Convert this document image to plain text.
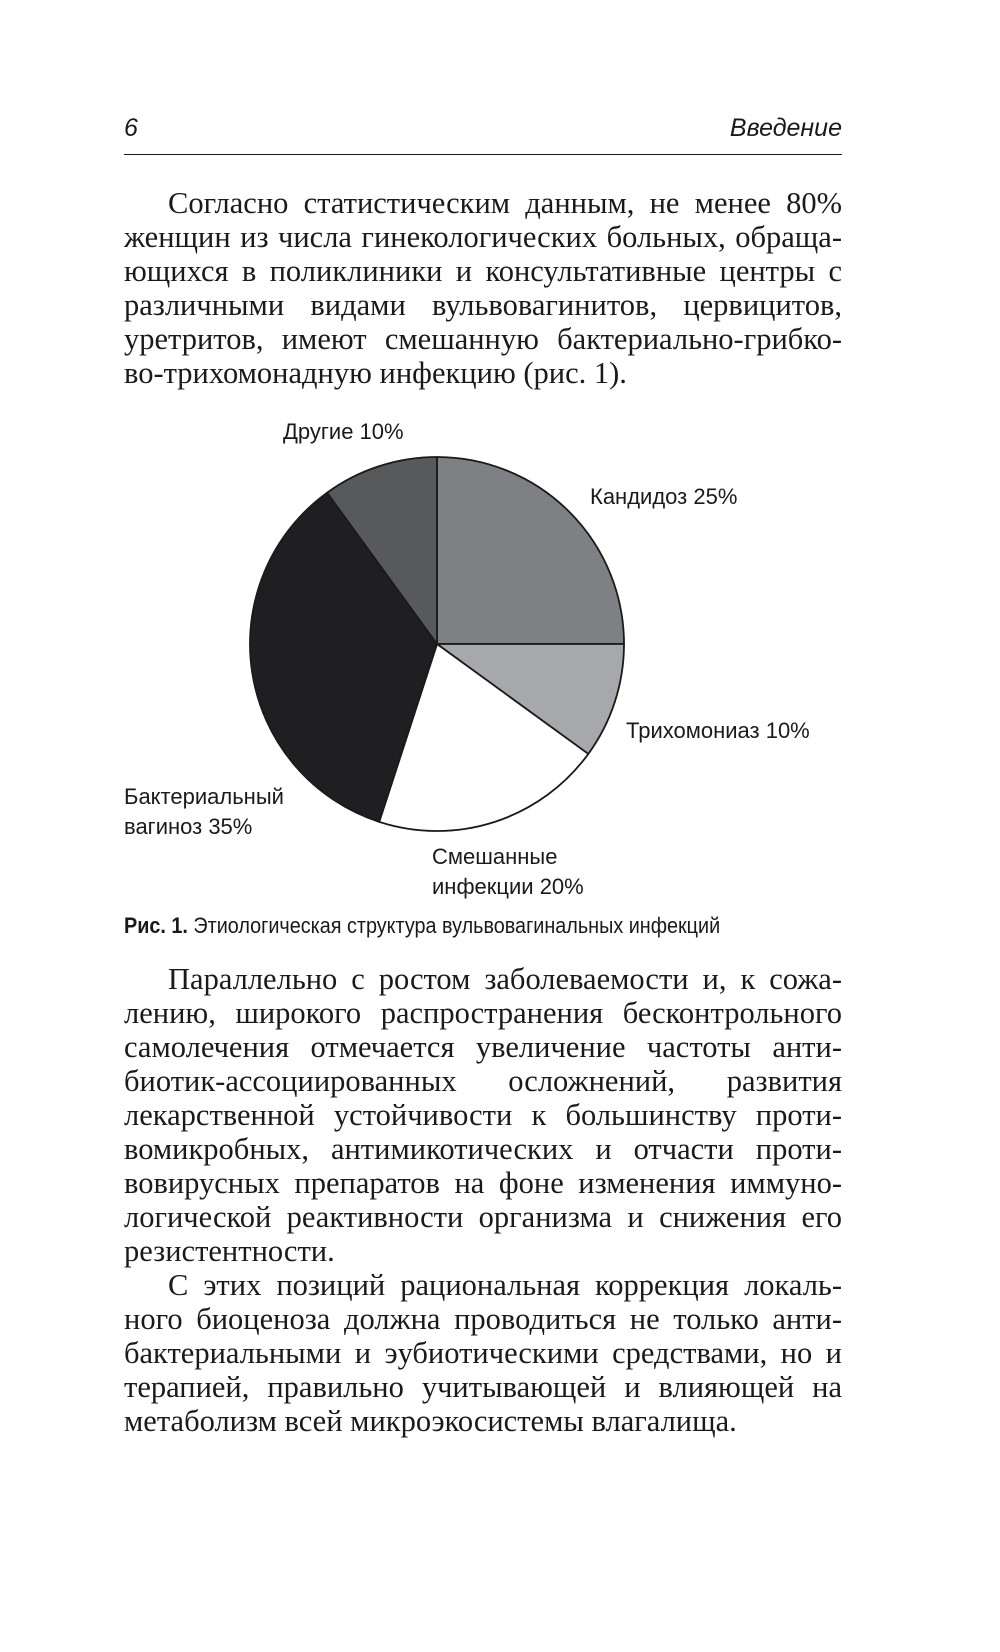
6	Введение

Согласно статистическим данным, не менее 80%
женщин из числа гинекологических больных, обраща-
ющихся в поликлиники и консультативные центры с
различными видами вульвовагинитов, цервицитов,
уретритов, имеют смешанную бактериально-грибко-
во-трихомонадную инфекцию (рис. 1).

Кандидоз 25%
Трихомониаз 10%
Смешанные инфекции 20%
Бактериальный вагиноз 35%
Другие 10%
Рис. 1. Этиологическая структура вульвовагинальных инфекций

Параллельно с ростом заболеваемости и, к сожа-
лению, широкого распространения бесконтрольного
самолечения отмечается увеличение частоты анти-
биотик-ассоциированных осложнений, развития
лекарственной устойчивости к большинству проти-
вомикробных, антимикотических и отчасти проти-
вовирусных препаратов на фоне изменения иммуно-
логической реактивности организма и снижения его
резистентности.

С этих позиций рациональная коррекция локаль-
ного биоценоза должна проводиться не только анти-
бактериальными и эубиотическими средствами, но и
терапией, правильно учитывающей и влияющей на
метаболизм всей микроэкосистемы влагалища.
